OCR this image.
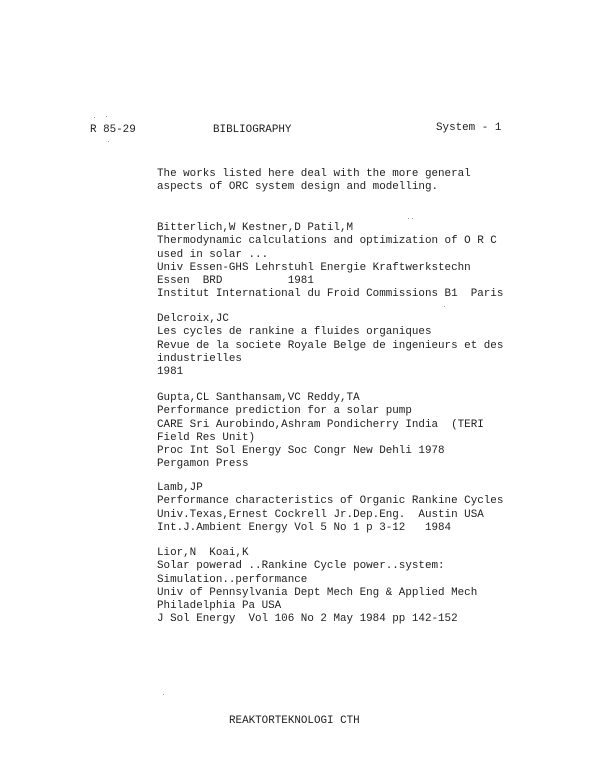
R 85-29	BIBLIOGRAPHY	System - 1
The works listed here deal with the more general
aspects of ORC system design and modelling.
Bitterlich,W Kestner,D Patil,M
Thermodynamic calculations and optimization of O R C
used in solar ...
Univ Essen-GHS Lehrstuhl Energie Kraftwerkstechn
Essen  BRD          1981
Institut International du Froid Commissions B1  Paris
Delcroix,JC
Les cycles de rankine a fluides organiques
Revue de la societe Royale Belge de ingenieurs et des
industrielles
1981
Gupta,CL Santhansam,VC Reddy,TA
Performance prediction for a solar pump
CARE Sri Aurobindo,Ashram Pondicherry India  (TERI
Field Res Unit)
Proc Int Sol Energy Soc Congr New Dehli 1978
Pergamon Press
Lamb,JP
Performance characteristics of Organic Rankine Cycles
Univ.Texas,Ernest Cockrell Jr.Dep.Eng.  Austin USA
Int.J.Ambient Energy Vol 5 No 1 p 3-12   1984
Lior,N  Koai,K
Solar powerad ..Rankine Cycle power..system:
Simulation..performance
Univ of Pennsylvania Dept Mech Eng & Applied Mech
Philadelphia Pa USA
J Sol Energy  Vol 106 No 2 May 1984 pp 142-152
REAKTORTEKNOLOGI CTH
